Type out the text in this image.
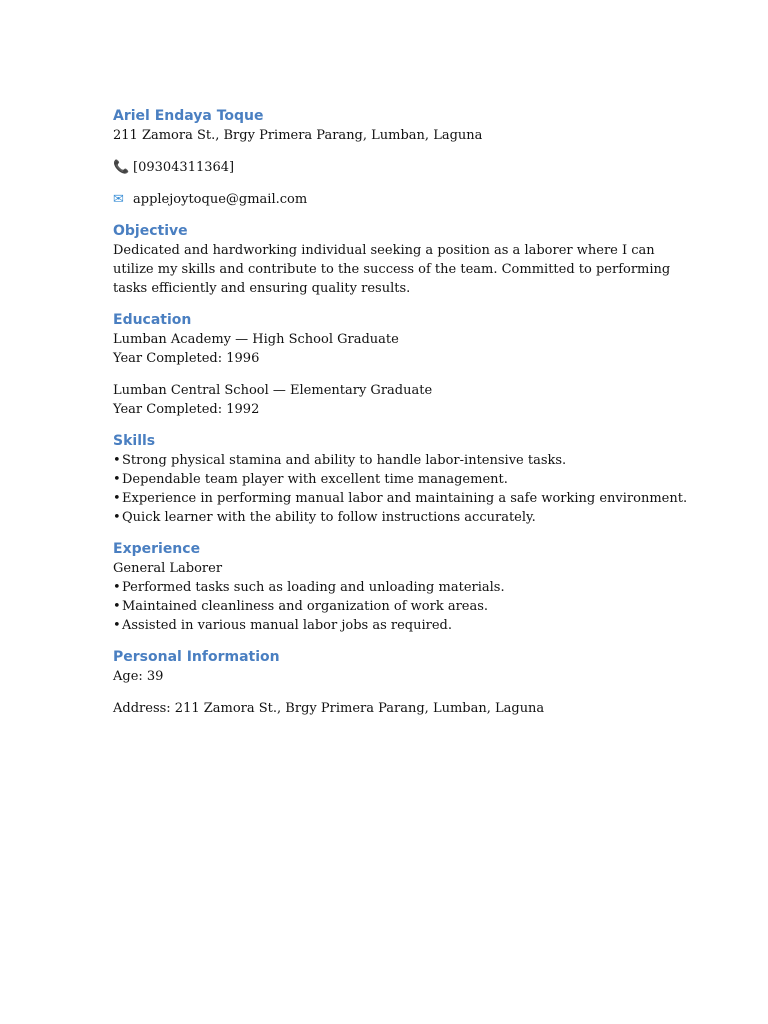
Ariel Endaya Toque

211 Zamora St., Brgy Primera Parang, Lumban, Laguna

📞 [09304311364]

✉ applejoytoque@gmail.com

Objective

Dedicated and hardworking individual seeking a position as a laborer where I can utilize my skills and contribute to the success of the team. Committed to performing tasks efficiently and ensuring quality results.

Education

Lumban Academy — High School Graduate

Year Completed: 1996

Lumban Central School — Elementary Graduate

Year Completed: 1992

Skills
•Strong physical stamina and ability to handle labor-intensive tasks.
•Dependable team player with excellent time management.
•Experience in performing manual labor and maintaining a safe working environment.
•Quick learner with the ability to follow instructions accurately.
Experience

General Laborer

•Performed tasks such as loading and unloading materials.
•Maintained cleanliness and organization of work areas.
•Assisted in various manual labor jobs as required.
Personal Information

Age: 39

Address: 211 Zamora St., Brgy Primera Parang, Lumban, Laguna
